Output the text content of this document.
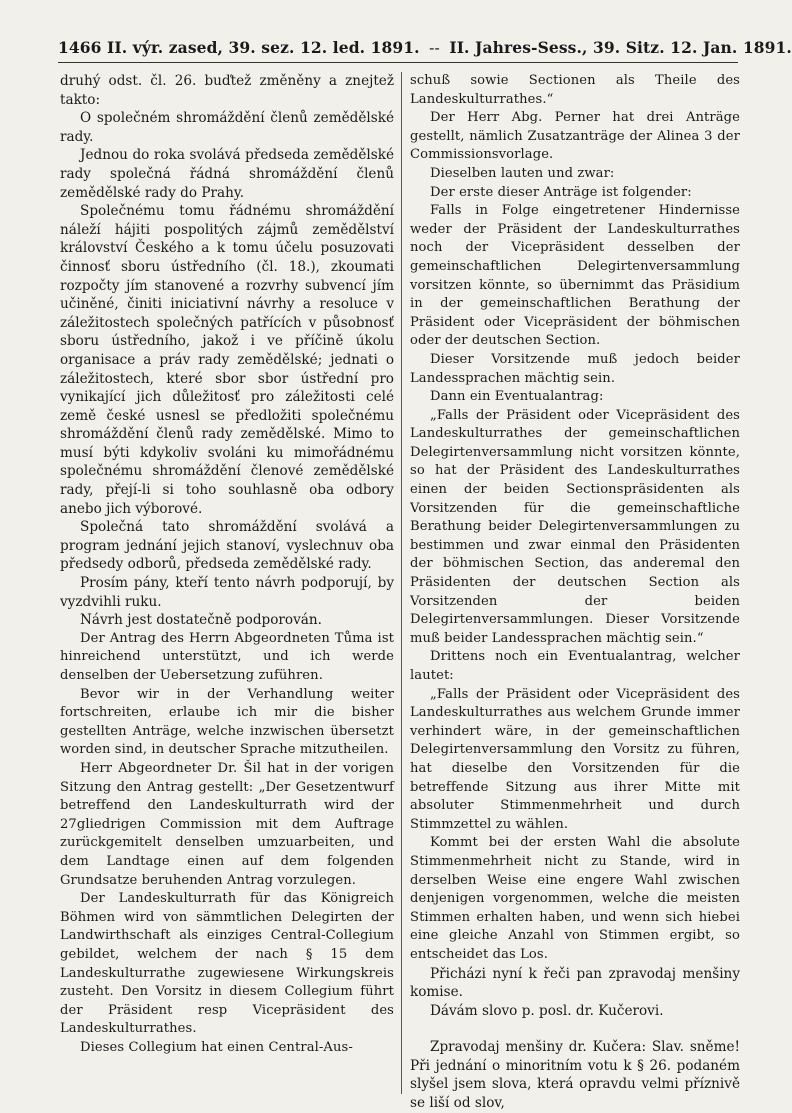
1466 II. výr. zased, 39. sez. 12. led. 1891. -- II. Jahres-Sess., 39. Sitz. 12. Jan. 1891.

druhý odst. čl. 26. buďtež změněny a znejtež takto:

O společném shromáždění členů zemědělské rady.

Jednou do roka svolává předseda zemědělské rady společná řádná shromáždění členů zemědělské rady do Prahy.

Společnému tomu řádnému shromáždění náleží hájiti pospolitých zájmů zemědělství království Českého a k tomu účelu posuzovati činnosť sboru ústředního (čl. 18.), zkoumati rozpočty jím stanovené a rozvrhy subvencí jím učiněné, činiti iniciativní návrhy a resoluce v záležitostech společných patřících v působnosť sboru ústředního, jakož i ve příčině úkolu organisace a práv rady zemědělské; jednati o záležitostech, které sbor sbor ústřední pro vynikající jich důležitosť pro záležitosti celé země české usnesl se předložiti společnému shromáždění členů rady zemědělské. Mimo to musí býti kdykoliv svoláni ku mimořádnému společnému shromáždění členové zemědělské rady, přejí-li si toho souhlasně oba odbory anebo jich výborové.

Společná tato shromáždění svolává a program jednání jejich stanoví, vyslechnuv oba předsedy odborů, předseda zemědělské rady.

Prosím pány, kteří tento návrh podporují, by vyzdvihli ruku.

Návrh jest dostatečně podporován.

Der Antrag des Herrn Abgeordneten Tůma ist hinreichend unterstützt, und ich werde denselben der Uebersetzung zuführen.

Bevor wir in der Verhandlung weiter fortschreiten, erlaube ich mir die bisher gestellten Anträge, welche inzwischen übersetzt worden sind, in deutscher Sprache mitzutheilen.

Herr Abgeordneter Dr. Šil hat in der vorigen Sitzung den Antrag gestellt: „Der Gesetzentwurf betreffend den Landeskulturrath wird der 27gliedrigen Commission mit dem Auftrage zurückgemitelt denselben umzuarbeiten, und dem Landtage einen auf dem folgenden Grundsatze beruhenden Antrag vorzulegen.

Der Landeskulturrath für das Königreich Böhmen wird von sämmtlichen Delegirten der Landwirthschaft als einziges Central-Collegium gebildet, welchem der nach § 15 dem Landeskulturrathe zugewiesene Wirkungskreis zusteht. Den Vorsitz in diesem Collegium führt der Präsident resp Vicepräsident des Landeskulturrathes.

Dieses Collegium hat einen Central-Aus-

schuß sowie Sectionen als Theile des Landeskulturrathes.“

Der Herr Abg. Perner hat drei Anträge gestellt, nämlich Zusatzanträge der Alinea 3 der Commissionsvorlage.

Dieselben lauten und zwar:

Der erste dieser Anträge ist folgender:

Falls in Folge eingetretener Hindernisse weder der Präsident der Landeskulturrathes noch der Vicepräsident desselben der gemeinschaftlichen Delegirtenversammlung vorsitzen könnte, so übernimmt das Präsidium in der gemeinschaftlichen Berathung der Präsident oder Vicepräsident der böhmischen oder der deutschen Section.

Dieser Vorsitzende muß jedoch beider Landessprachen mächtig sein.

Dann ein Eventualantrag:

„Falls der Präsident oder Vicepräsident des Landeskulturrathes der gemeinschaftlichen Delegirtenversammlung nicht vorsitzen könnte, so hat der Präsident des Landeskulturrathes einen der beiden Sectionspräsidenten als Vorsitzenden für die gemeinschaftliche Berathung beider Delegirtenversammlungen zu bestimmen und zwar einmal den Präsidenten der böhmischen Section, das anderemal den Präsidenten der deutschen Section als Vorsitzenden der beiden Delegirtenversammlungen. Dieser Vorsitzende muß beider Landessprachen mächtig sein.“

Drittens noch ein Eventualantrag, welcher lautet:

„Falls der Präsident oder Vicepräsident des Landeskulturrathes aus welchem Grunde immer verhindert wäre, in der gemeinschaftlichen Delegirtenversammlung den Vorsitz zu führen, hat dieselbe den Vorsitzenden für die betreffende Sitzung aus ihrer Mitte mit absoluter Stimmenmehrheit und durch Stimmzettel zu wählen.

Kommt bei der ersten Wahl die absolute Stimmenmehrheit nicht zu Stande, wird in derselben Weise eine engere Wahl zwischen denjenigen vorgenommen, welche die meisten Stimmen erhalten haben, und wenn sich hiebei eine gleiche Anzahl von Stimmen ergibt, so entscheidet das Los.

Přicházi nyní k řeči pan zpravodaj menšiny komise.

Dávám slovo p. posl. dr. Kučerovi.

Zpravodaj menšiny dr. Kučera: Slav. sněme! Při jednání o minoritním votu k § 26. podaném slyšel jsem slova, která opravdu velmi příznivě se liší od slov,
